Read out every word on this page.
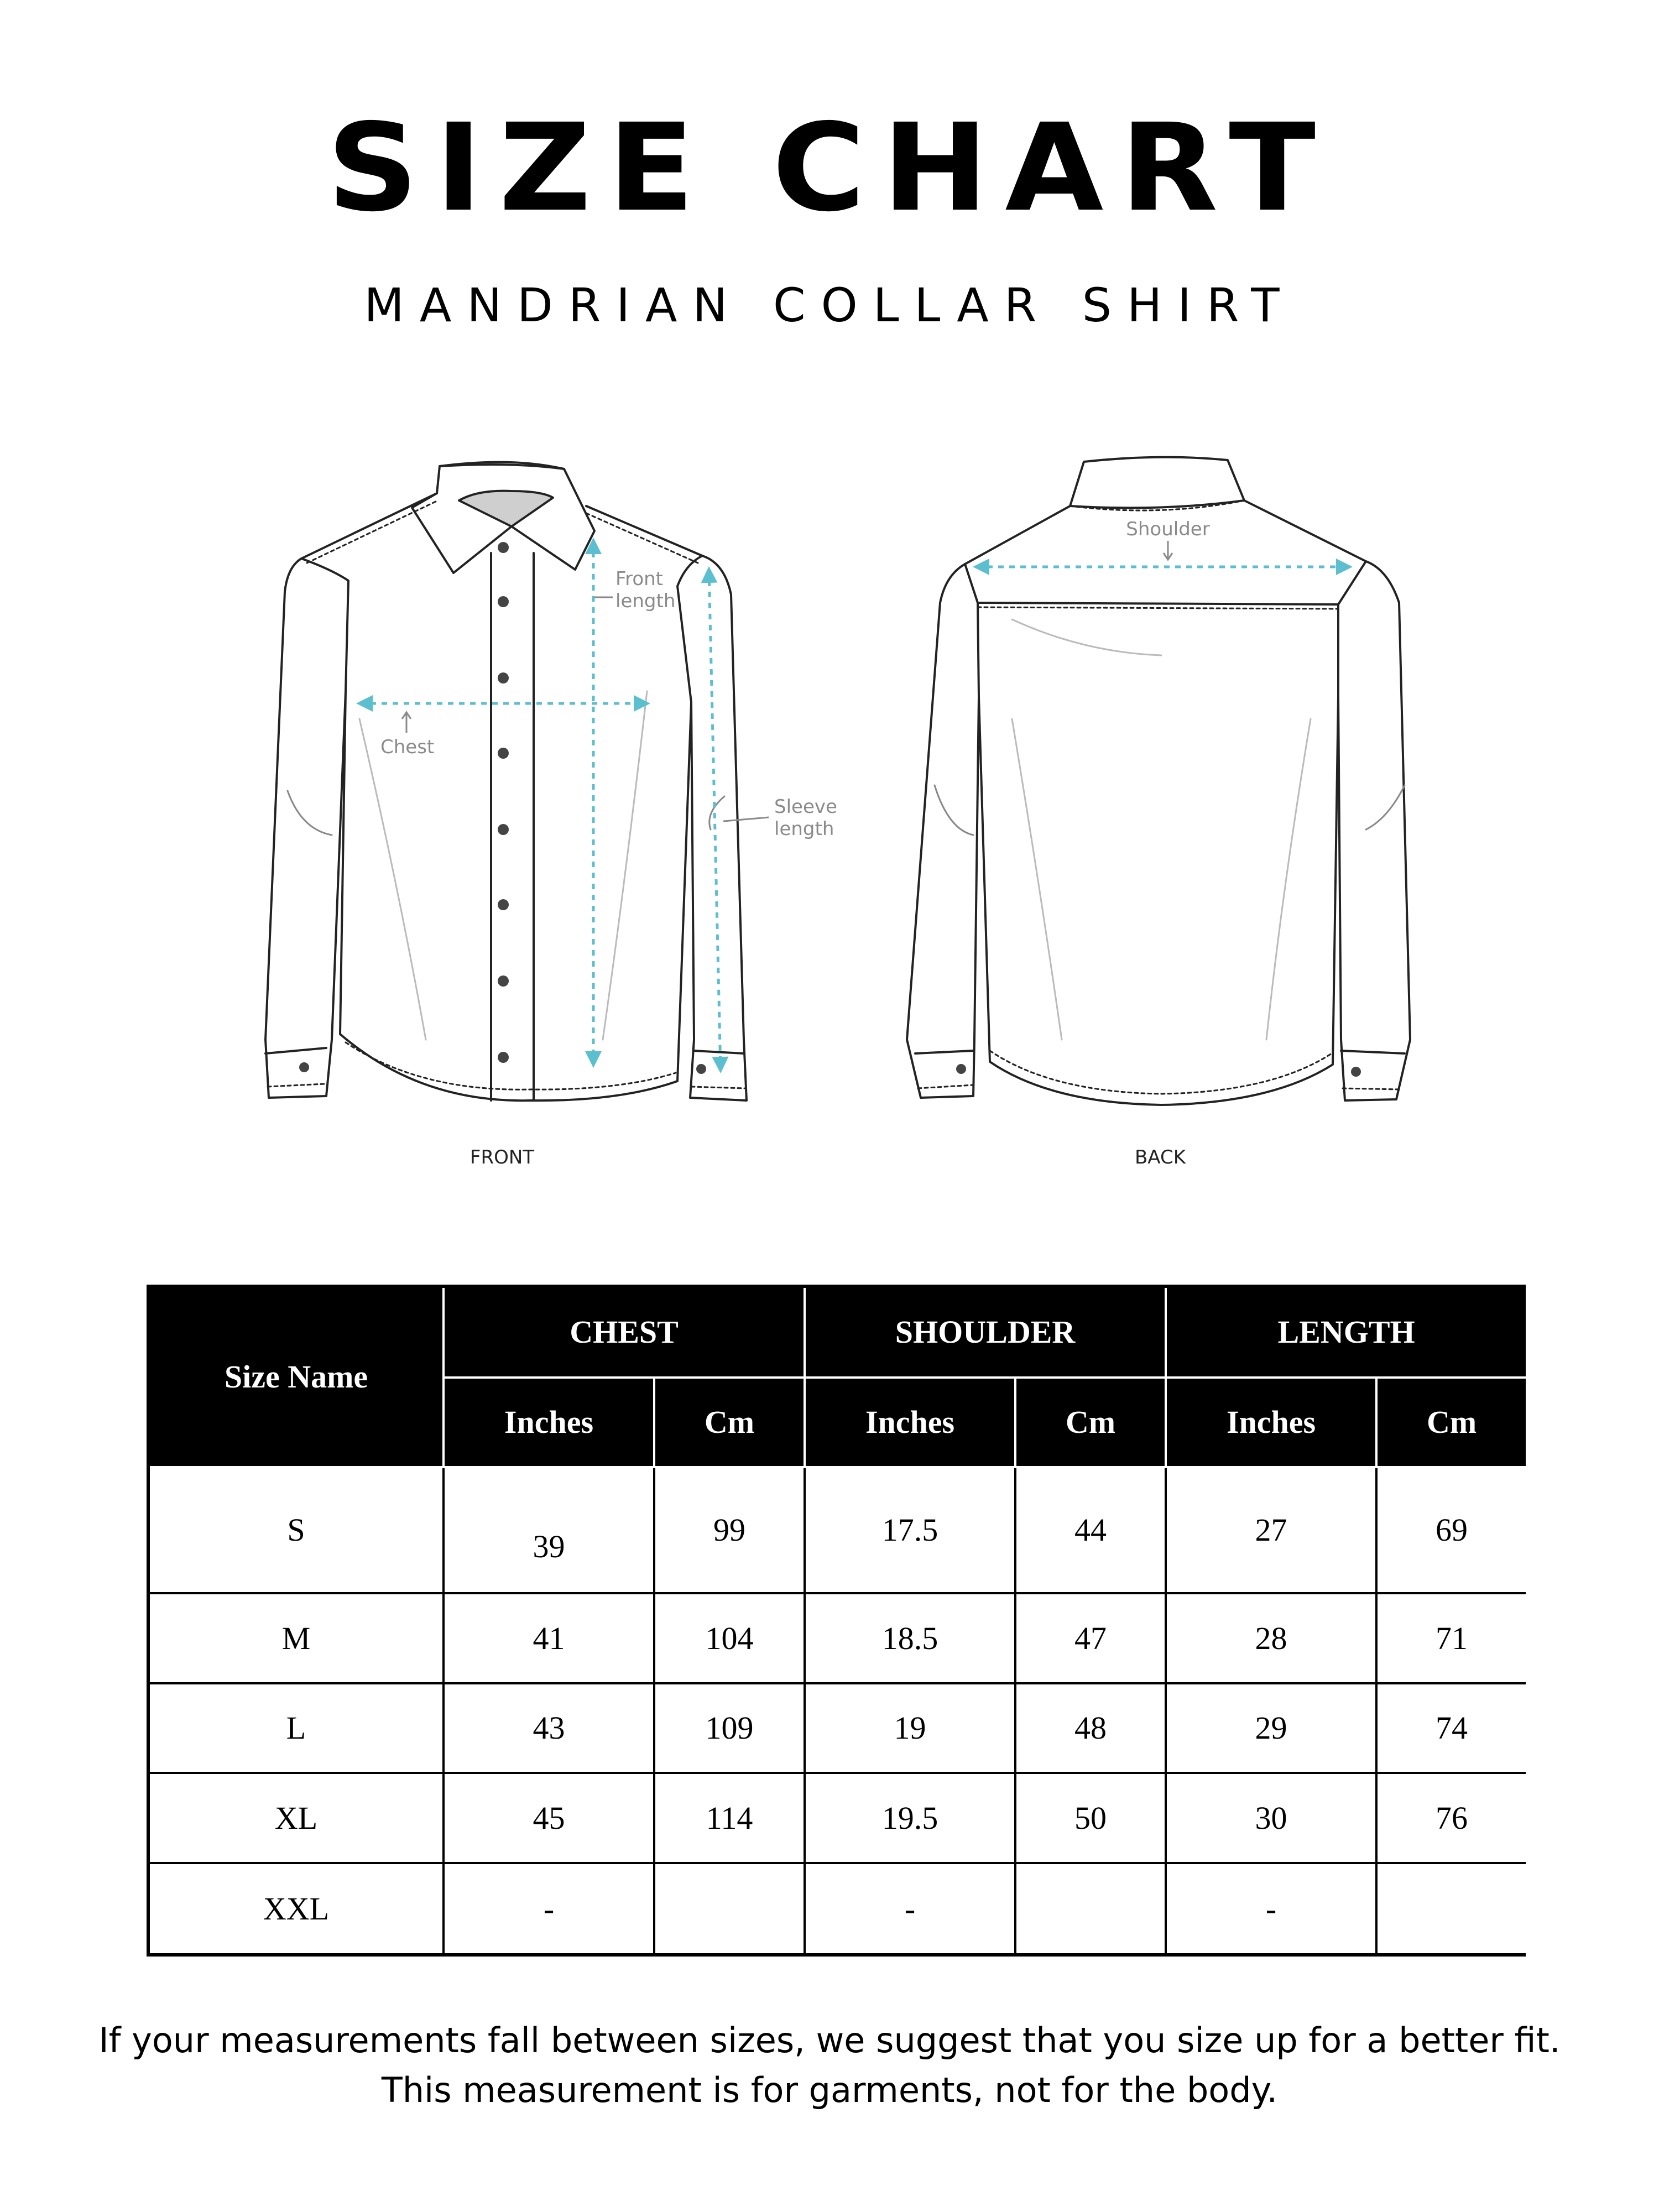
SIZE CHART
MANDRIAN COLLAR SHIRT
Chest
Front
length
Sleeve
length
FRONT
Shoulder
BACK
Size Name	CHEST		SHOULDER		LENGTH	
	Inches	Cm	Inches	Cm	Inches	Cm
S	39	99	17.5	44	27	69
M	41	104	18.5	47	28	71
L	43	109	19	48	29	74
XL	45	114	19.5	50	30	76
XXL	-		-		-	
If your measurements fall between sizes, we suggest that you size up for a better fit.
This measurement is for garments, not for the body.
